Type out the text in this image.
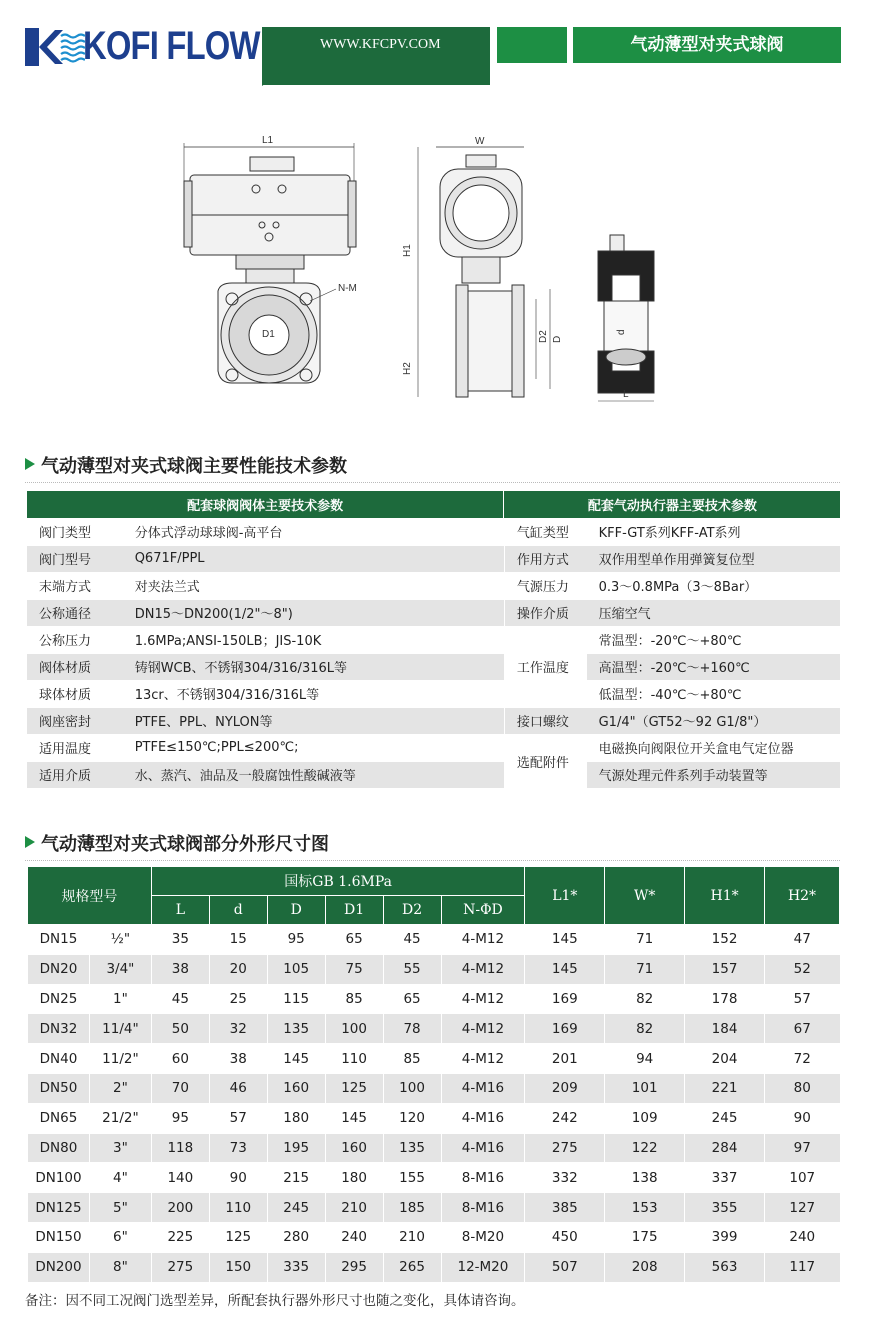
KOFI FLOW	WWW.KFCPV.COM	气动薄型对夹式球阀
L1
D1
N-M
W
H1
H2
D2 D
d
L
气动薄型对夹式球阀主要性能技术参数
配套球阀阀体主要技术参数		配套气动执行器主要技术参数	
阀门类型	分体式浮动球球阀-高平台		气缸类型	KFF-GT系列KFF-AT系列
阀门型号	Q671F/PPL		作用方式	双作用型单作用弹簧复位型
末端方式	对夹法兰式		气源压力	0.3～0.8MPa（3～8Bar）
公称通径	DN15～DN200(1/2"～8")		操作介质	压缩空气
公称压力	1.6MPa;ANSI-150LB；JIS-10K		工作温度	常温型：-20℃～+80℃
阀体材质	铸钢WCB、不锈钢304/316/316L等		高温型：-20℃～+160℃
球体材质	13cr、不锈钢304/316/316L等		低温型：-40℃～+80℃
阀座密封	PTFE、PPL、NYLON等		接口螺纹	G1/4"（GT52～92 G1/8"）
适用温度	PTFE≤150℃;PPL≤200℃;		选配附件	电磁换向阀限位开关盒电气定位器
适用介质	水、蒸汽、油品及一般腐蚀性酸碱液等		气源处理元件系列手动装置等
气动薄型对夹式球阀部分外形尺寸图
规格型号		国标GB 1.6MPa						L1*	W*	H1*	H2*
		L	d	D	D1	D2	N-ΦD				
DN15	½"	35	15	95	65	45	4-M12	145	71	152	47
DN20	3/4"	38	20	105	75	55	4-M12	145	71	157	52
DN25	1"	45	25	115	85	65	4-M12	169	82	178	57
DN32	11/4"	50	32	135	100	78	4-M12	169	82	184	67
DN40	11/2"	60	38	145	110	85	4-M12	201	94	204	72
DN50	2"	70	46	160	125	100	4-M16	209	101	221	80
DN65	21/2"	95	57	180	145	120	4-M16	242	109	245	90
DN80	3"	118	73	195	160	135	4-M16	275	122	284	97
DN100	4"	140	90	215	180	155	8-M16	332	138	337	107
DN125	5"	200	110	245	210	185	8-M16	385	153	355	127
DN150	6"	225	125	280	240	210	8-M20	450	175	399	240
DN200	8"	275	150	335	295	265	12-M20	507	208	563	117
备注：因不同工况阀门选型差异，所配套执行器外形尺寸也随之变化，具体请咨询。
